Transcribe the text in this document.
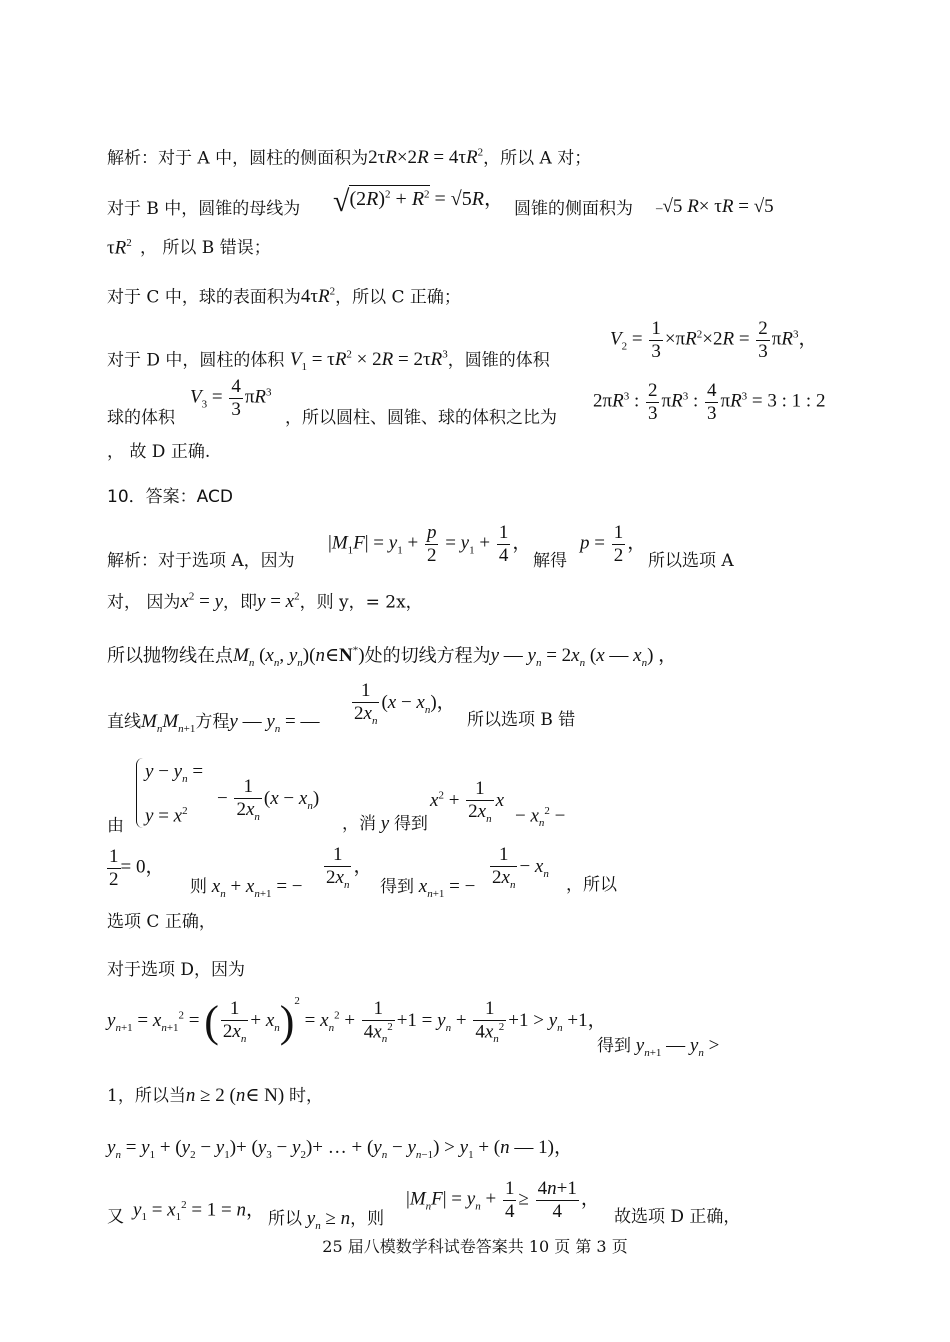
解析：对于 A 中，圆柱的侧面积为$2\tau R\times 2R = 4\tau R^2$，所以 A 对；
对于 B 中，圆锥的母线为 $√(2R)^2 + R^2 = √5R$， 圆锥的侧面积为 –√5 R× τR = √5
$\tau R^2$ ， 所以 B 错误；
对于 C 中，球的表面积为$4\tau R^2$，所以 C 正确；
对于 D 中，圆柱的体积 $V_1 = \tau R^2 \times 2R = 2\tau R^3$，圆锥的体积
$V_2 = \frac{1}{3} \times\pi R^2\times 2R = \frac{2}{3} \pi R^3$，
球的体积
$V_3 = \frac{4}{3} \pi R^3$
，所以圆柱、圆锥、球的体积之比为
$2\pi R^3$ : $\frac{2}{3} \pi R^3$ : $\frac{4}{3} \pi R^3 = 3$ : 1 : 2
， 故 D 正确.
10．答案：ACD
解析：对于选项 A，因为
$|M_1F| = y_1 + \frac{p}{2} = y_1 + \frac{1}{4}$ ，
解得
$p = \frac{1}{2}$ ，
所以选项 A
对， 因为$x^2 = y$，即$y = x^2$，则 y，= 2x，
所以抛物线在点$M_n$ ($x_n$, $y_n)(n\in N^*)$处的切线方程为y — $y_n = 2x_n$ (x — $x_n$) ，
直线$M_nM_{n+1}$方程y — $y_n$ = — $\frac{1}{2x_n} (x - x_n)$，
所以选项 B 错
$y - y_n$ =
$y = x^2$
− $\frac{1}{2x_n} (x - x_n)$
由	，消 y 得到
$x^2 + \frac{1}{2x_n}$ x
− $x_n^2$ −
$\frac{1}{2} = 0$，
则 $x_n + x_{n+1}$ = − $\frac{1}{2x_n}$ ，
得到 $x_{n+1}$ = − $\frac{1}{2x_n} - x_n$
，所以
选项 C 正确，
对于选项 D，因为
$y_{n+1} = x_{n+1}^2$ = ( $\frac{1}{2x_n} + x_n)^2 = x_n^2 + \frac{1}{4x_n^2} +1 = y_n + \frac{1}{4x_n^2} +1 > y_n +1$，
得到 $y_{n+1}$ — $y_n$ >
1，所以当n ≥ 2 (n∈ N) 时，
$y_n = y_1 + (y_2 - y_1)+ (y_3 - y_2)+$ … + $(y_n - y_{n-1}) > y_1 + (n$ — 1)，
又 $y_1 = x_1^2 = 1 = n$， 所以 $y_n \ge n$，则
$|M_nF| = y_n + \frac{1}{4} \ge \frac{4n+1}{4}$ ，
故选项 D 正确，
25 届八模数学科试卷答案共 10 页 第 3 页
